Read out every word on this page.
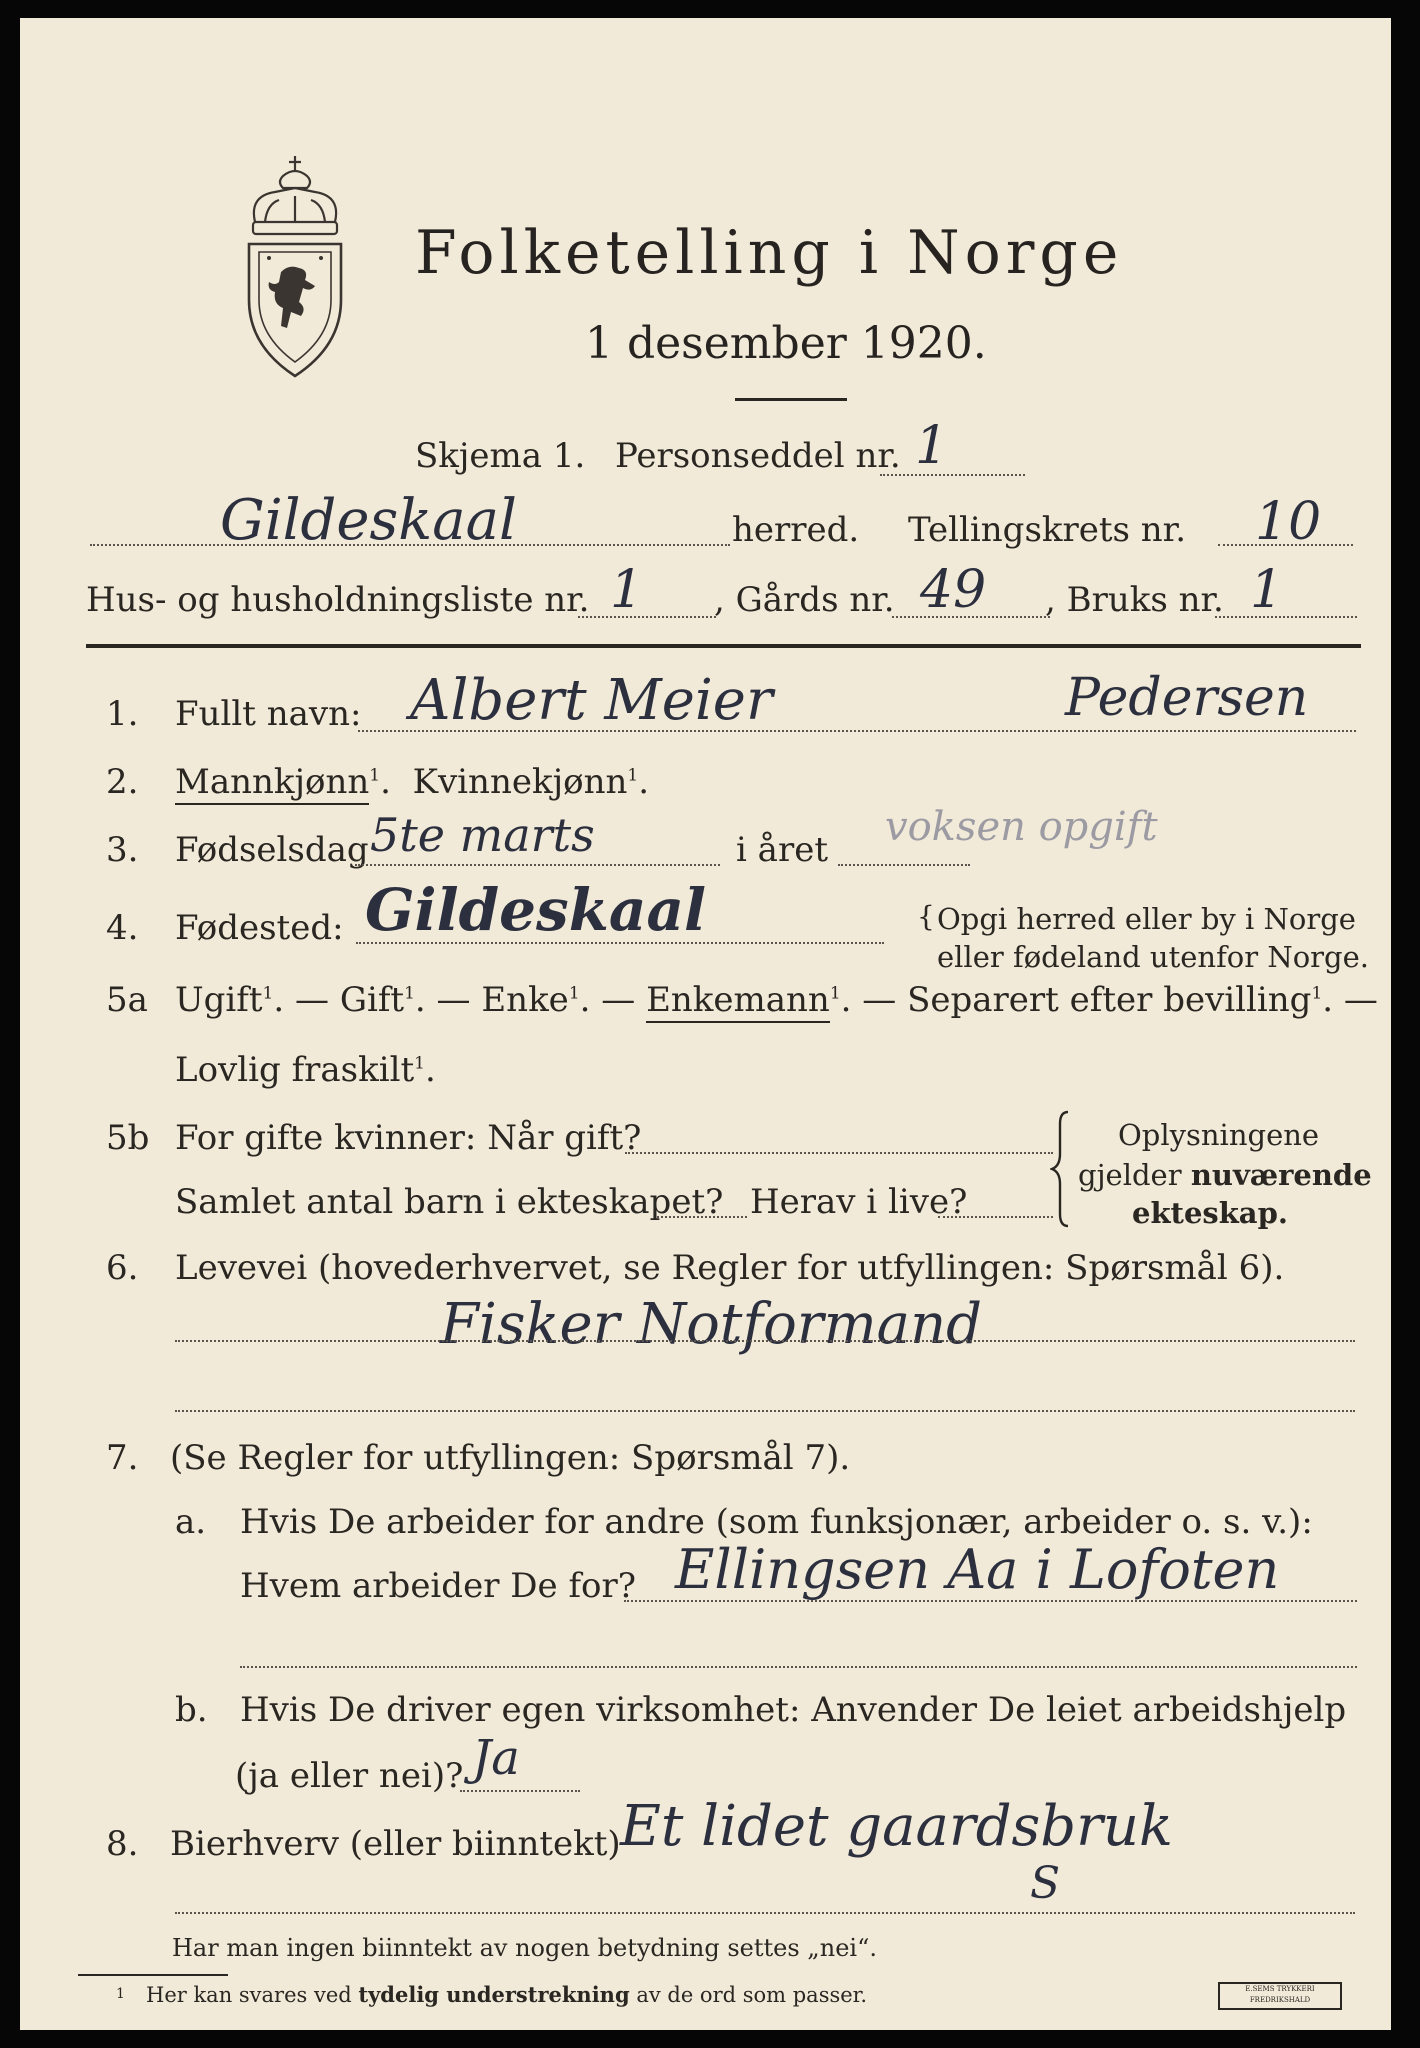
Folketelling i Norge
1 desember 1920.
Skjema 1. Personseddel nr. 1
Gildeskaal	herred. Tellingskrets nr. 10
Hus- og husholdningsliste nr. 1 , Gårds nr. 49 , Bruks nr. 1
1. Fullt navn: Albert Meier	Pedersen
2. Mannkjønn$^1$.  Kvinnekjønn$^1$.
3. Fødselsdag 5te marts	i året voksen opgift
4. Fødested: Gildeskaal	{ Opgi herred eller by i Norge
eller fødeland utenfor Norge.
5a Ugift$^1$. — Gift$^1$. — Enke$^1$. — Enkemann$^1$. — Separert efter bevilling$^1$. —
Lovlig fraskilt$^1$.
5b For gifte kvinner: Når gift?
Samlet antal barn i ekteskapet? Herav i live?
Oplysningene
gjelder nuværende
ekteskap.
6. Levevei (hovederhvervet, se Regler for utfyllingen: Spørsmål 6).
Fisker Notformand
7. (Se Regler for utfyllingen: Spørsmål 7).
a. Hvis De arbeider for andre (som funksjonær, arbeider o. s. v.):
Hvem arbeider De for? Ellingsen Aa i Lofoten
b. Hvis De driver egen virksomhet: Anvender De leiet arbeidshjelp
(ja eller nei)? Ja
8. Bierhverv (eller biinntekt) Et lidet gaardsbruk
S
Har man ingen biinntekt av nogen betydning settes „nei“.
1 Her kan svares ved tydelig understrekning av de ord som passer.	E.SEMS TRYKKERI FREDRIKSHALD
